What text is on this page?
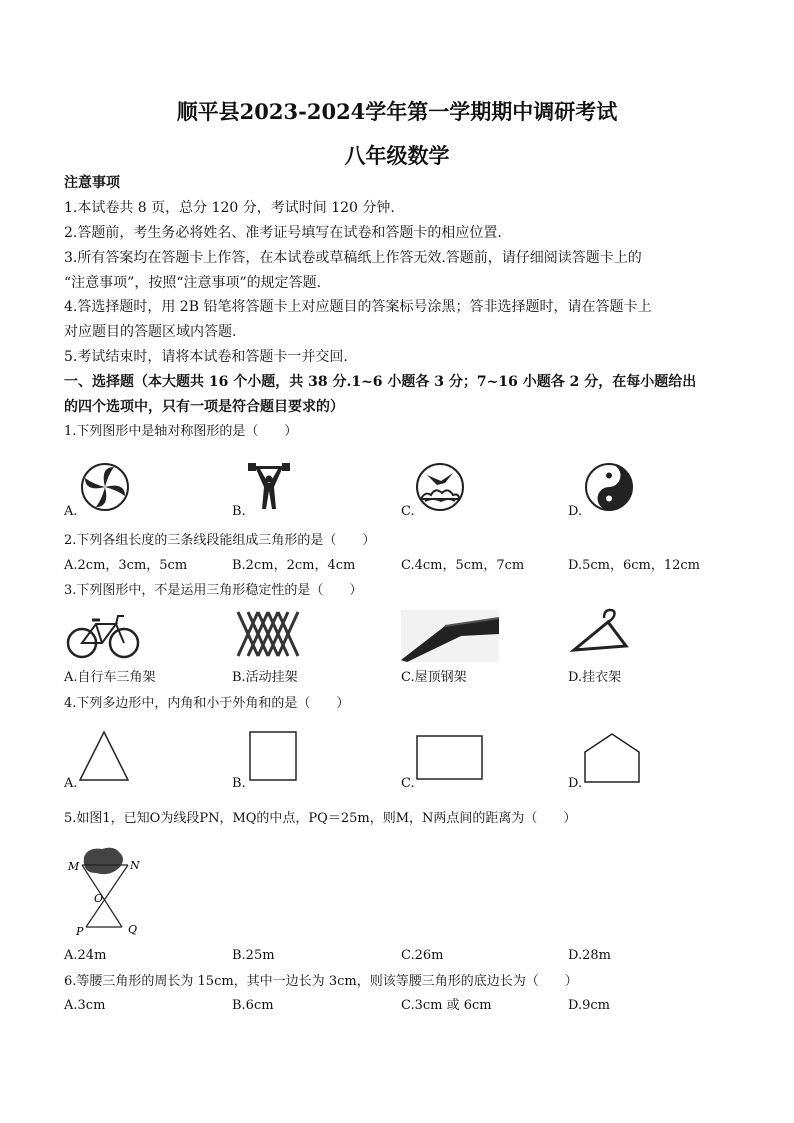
顺平县2023-2024学年第一学期期中调研考试
八年级数学
注意事项
1.本试卷共 8 页，总分 120 分，考试时间 120 分钟.
2.答题前，考生务必将姓名、准考证号填写在试卷和答题卡的相应位置.
3.所有答案均在答题卡上作答，在本试卷或草稿纸上作答无效.答题前，请仔细阅读答题卡上的
“注意事项”，按照“注意事项”的规定答题.
4.答选择题时，用 2B 铅笔将答题卡上对应题目的答案标号涂黑；答非选择题时，请在答题卡上
对应题目的答题区域内答题.
5.考试结束时，请将本试卷和答题卡一并交回.
一、选择题（本大题共 16 个小题，共 38 分.1~6 小题各 3 分；7~16 小题各 2 分，在每小题给出
的四个选项中，只有一项是符合题目要求的）
1.下列图形中是轴对称图形的是（　　）
A.	B.	C.	D.
2.下列各组长度的三条线段能组成三角形的是（　　）
A.2cm，3cm，5cm	B.2cm，2cm，4cm	C.4cm，5cm，7cm	D.5cm，6cm，12cm
3.下列图形中，不是运用三角形稳定性的是（　　）
A.自行车三角架	B.活动挂架	C.屋顶钢架	D.挂衣架
4.下列多边形中，内角和小于外角和的是（　　）
A.	B.	C.	D.
5.如图1，已知O为线段PN，MQ的中点，PQ＝25m，则M，N两点间的距离为（　　）
M	N
O
P	Q
A.24m	B.25m	C.26m	D.28m
6.等腰三角形的周长为 15cm，其中一边长为 3cm，则该等腰三角形的底边长为（　　）
A.3cm	B.6cm	C.3cm 或 6cm	D.9cm
